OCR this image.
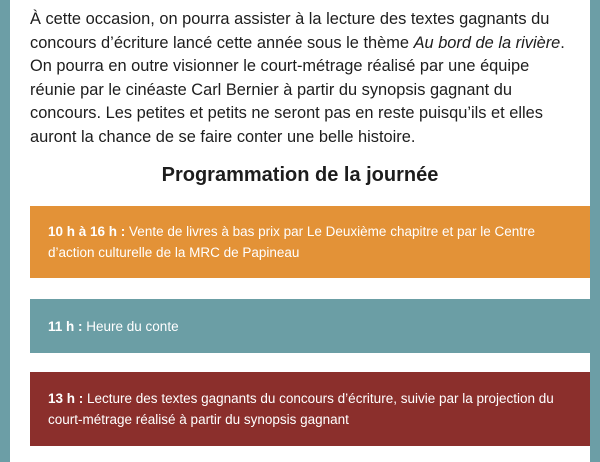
À cette occasion, on pourra assister à la lecture des textes gagnants du concours d’écriture lancé cette année sous le thème Au bord de la rivière. On pourra en outre visionner le court-métrage réalisé par une équipe réunie par le cinéaste Carl Bernier à partir du synopsis gagnant du concours. Les petites et petits ne seront pas en reste puisqu’ils et elles auront la chance de se faire conter une belle histoire.

Programmation de la journée

10 h à 16 h : Vente de livres à bas prix par Le Deuxième chapitre et par le Centre d’action culturelle de la MRC de Papineau

11 h : Heure du conte

13 h : Lecture des textes gagnants du concours d’écriture, suivie par la projection du court-métrage réalisé à partir du synopsis gagnant
